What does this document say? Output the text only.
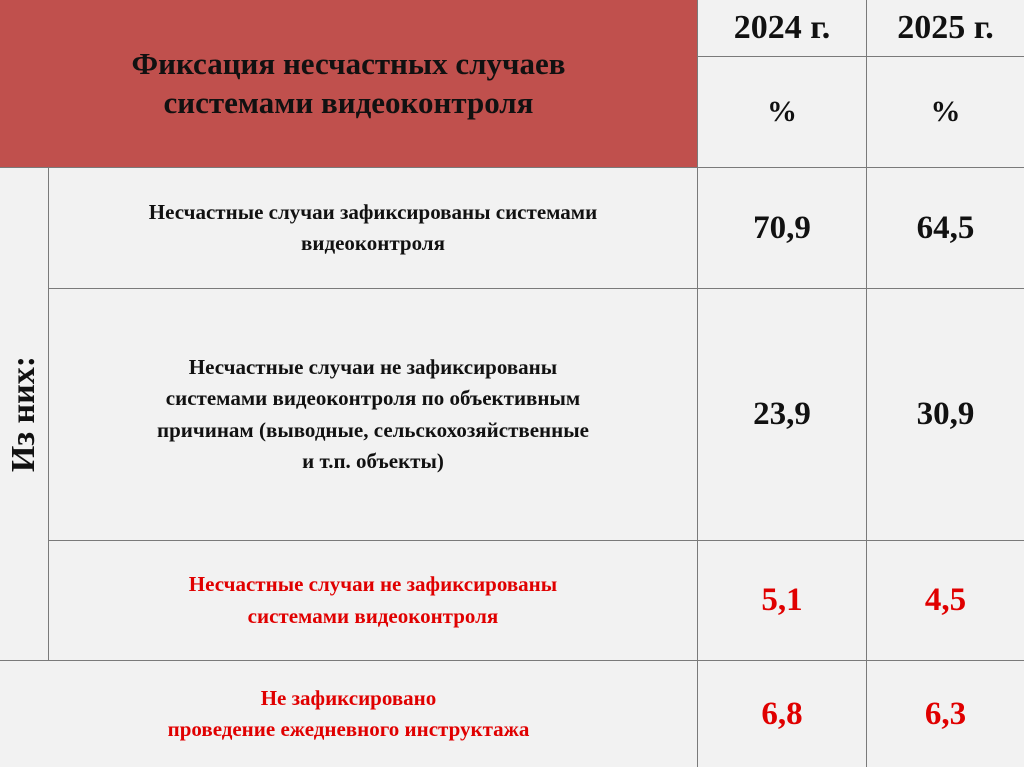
Фиксация несчастных случаев
системами видеоконтроля
2024 г.	2025 г.
%	%
Из них:
Несчастные случаи зафиксированы системами
видеоконтроля	70,9	64,5
Несчастные случаи не зафиксированы
системами видеоконтроля по объективным
причинам (выводные, сельскохозяйственные
и т.п. объекты)
23,9	30,9
Несчастные случаи не зафиксированы
системами видеоконтроля	5,1	4,5
Не зафиксировано
проведение ежедневного инструктажа	6,8	6,3
